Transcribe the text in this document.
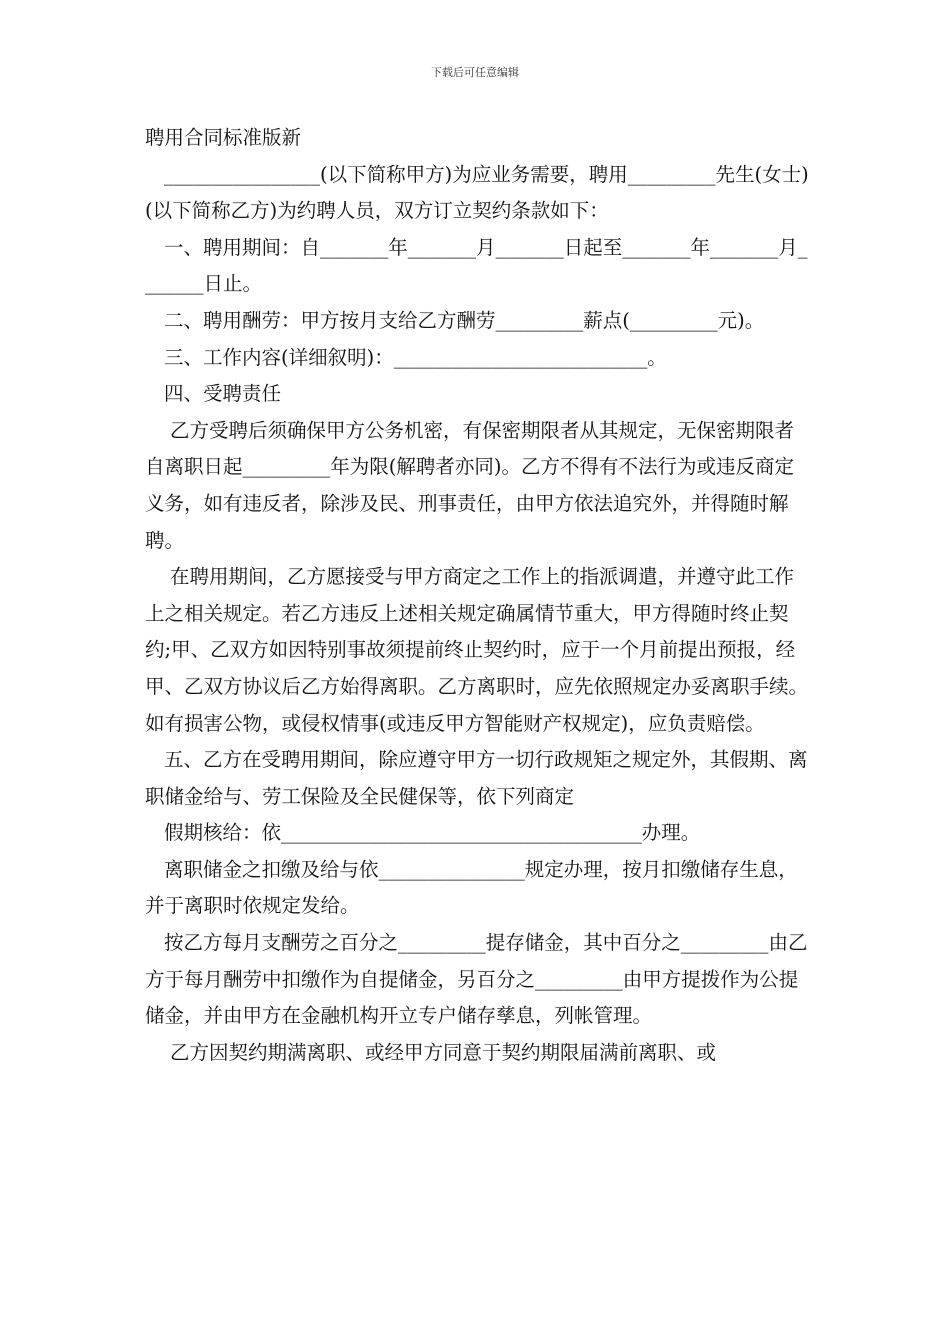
下载后可任意编辑

聘用合同标准版新

________________(以下简称甲方)为应业务需要，聘用_________先生(女士)(以下简称乙方)为约聘人员，双方订立契约条款如下：

一、聘用期间：自_______年_______月_______日起至_______年_______月_______日止。

二、聘用酬劳：甲方按月支给乙方酬劳_________薪点(_________元)。

三、工作内容(详细叙明)：__________________________。

四、受聘责任

乙方受聘后须确保甲方公务机密，有保密期限者从其规定，无保密期限者自离职日起_________年为限(解聘者亦同)。乙方不得有不法行为或违反商定义务，如有违反者，除涉及民、刑事责任，由甲方依法追究外，并得随时解聘。

在聘用期间，乙方愿接受与甲方商定之工作上的指派调遣，并遵守此工作上之相关规定。若乙方违反上述相关规定确属情节重大，甲方得随时终止契约;甲、乙双方如因特别事故须提前终止契约时，应于一个月前提出预报，经甲、乙双方协议后乙方始得离职。乙方离职时，应先依照规定办妥离职手续。如有损害公物，或侵权情事(或违反甲方智能财产权规定)，应负责赔偿。

五、乙方在受聘用期间，除应遵守甲方一切行政规矩之规定外，其假期、离职储金给与、劳工保险及全民健保等，依下列商定

假期核给：依_____________________________________办理。

离职储金之扣缴及给与依_______________规定办理，按月扣缴储存生息，并于离职时依规定发给。

按乙方每月支酬劳之百分之_________提存储金，其中百分之_________由乙方于每月酬劳中扣缴作为自提储金，另百分之_________由甲方提拨作为公提储金，并由甲方在金融机构开立专户储存孳息，列帐管理。

乙方因契约期满离职、或经甲方同意于契约期限届满前离职、或
